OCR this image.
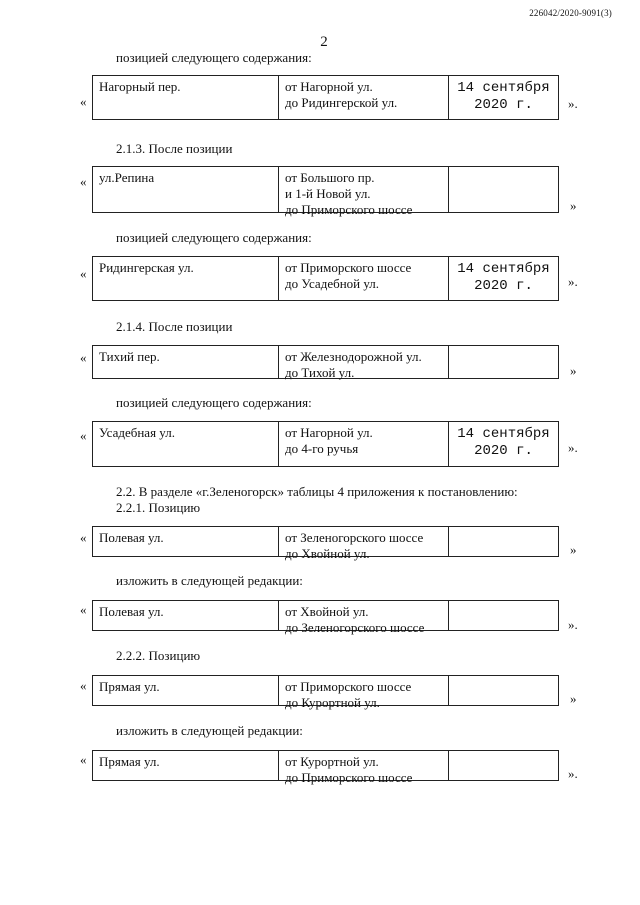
226042/2020-9091(3)
2
позицией следующего содержания:
«
Нагорный пер.	от Нагорной ул.
до Ридингерской ул.
14 сентября
2020 г.	».
2.1.3. После позиции
« ул.Репина	от Большого пр.
и 1-й Новой ул.
до Приморского шоссе	»
позицией следующего содержания:
« Ридингерская ул.	от Приморского шоссе
до Усадебной ул.
14 сентября
2020 г.	».
2.1.4. После позиции
« Тихий пер.	от Железнодорожной ул.
до Тихой ул.	»
позицией следующего содержания:
« Усадебная ул.	от Нагорной ул.
до 4-го ручья
14 сентября
2020 г.	».
2.2. В разделе «г.Зеленогорск» таблицы 4 приложения к постановлению:
2.2.1. Позицию
« Полевая ул.	от Зеленогорского шоссе
до Хвойной ул.	»
изложить в следующей редакции:
« Полевая ул.	от Хвойной ул.
до Зеленогорского шоссе	».
2.2.2. Позицию
« Прямая ул.	от Приморского шоссе
до Курортной ул.	»
изложить в следующей редакции:
« Прямая ул.	от Курортной ул.
до Приморского шоссе	».
